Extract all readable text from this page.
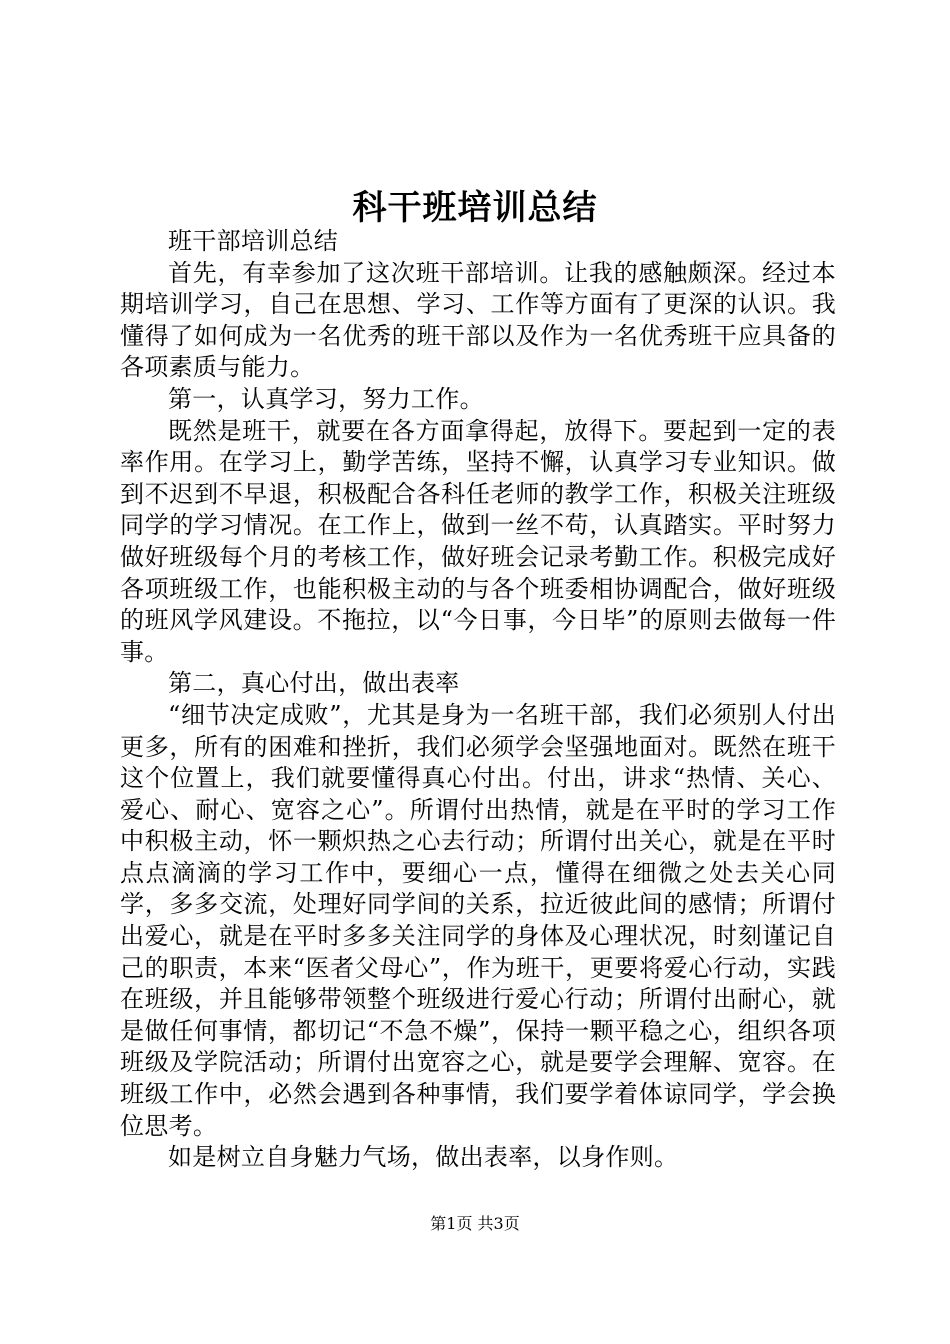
科干班培训总结

班干部培训总结

首先，有幸参加了这次班干部培训。让我的感触颇深。经过本期培训学习，自己在思想、学习、工作等方面有了更深的认识。我懂得了如何成为一名优秀的班干部以及作为一名优秀班干应具备的各项素质与能力。

第一，认真学习，努力工作。

既然是班干，就要在各方面拿得起，放得下。要起到一定的表率作用。在学习上，勤学苦练，坚持不懈，认真学习专业知识。做到不迟到不早退，积极配合各科任老师的教学工作，积极关注班级同学的学习情况。在工作上，做到一丝不苟，认真踏实。平时努力做好班级每个月的考核工作，做好班会记录考勤工作。积极完成好各项班级工作，也能积极主动的与各个班委相协调配合，做好班级的班风学风建设。不拖拉，以“今日事，今日毕”的原则去做每一件事。

第二，真心付出，做出表率

“细节决定成败”，尤其是身为一名班干部，我们必须别人付出更多，所有的困难和挫折，我们必须学会坚强地面对。既然在班干这个位置上，我们就要懂得真心付出。付出，讲求“热情、关心、爱心、耐心、宽容之心”。所谓付出热情，就是在平时的学习工作中积极主动，怀一颗炽热之心去行动；所谓付出关心，就是在平时点点滴滴的学习工作中，要细心一点，懂得在细微之处去关心同学，多多交流，处理好同学间的关系，拉近彼此间的感情；所谓付出爱心，就是在平时多多关注同学的身体及心理状况，时刻谨记自己的职责，本来“医者父母心”，作为班干，更要将爱心行动，实践在班级，并且能够带领整个班级进行爱心行动；所谓付出耐心，就是做任何事情，都切记“不急不燥”，保持一颗平稳之心，组织各项班级及学院活动；所谓付出宽容之心，就是要学会理解、宽容。在班级工作中，必然会遇到各种事情，我们要学着体谅同学，学会换位思考。

如是树立自身魅力气场，做出表率，以身作则。

第1页 共3页
